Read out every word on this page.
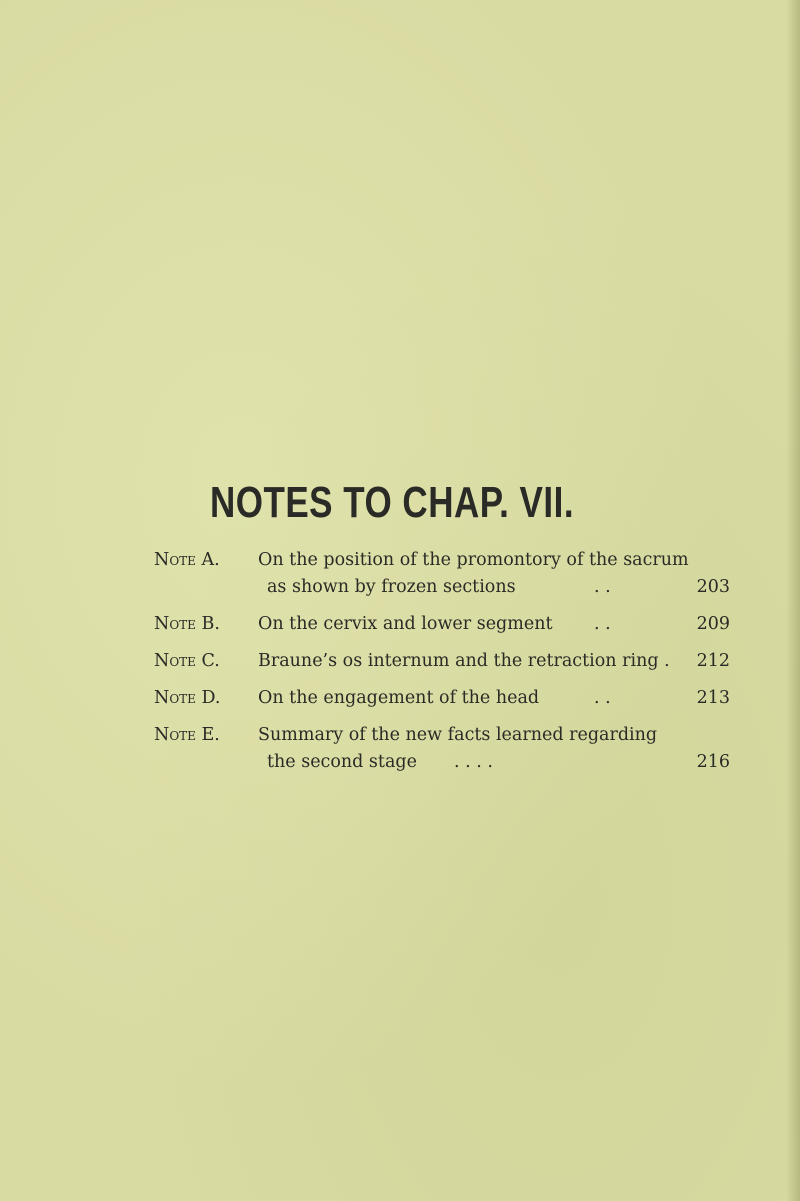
NOTES TO CHAP. VII.
Note A.	On the position of the promontory of the sacrum
as shown by frozen sections	. .	203
Note B.	On the cervix and lower segment . .	209
Note C.	Braune’s os internum and the retraction ring . 212
Note D.	On the engagement of the head	. .	213
Note E.	Summary of the new facts learned regarding
the second stage . . . .	216
